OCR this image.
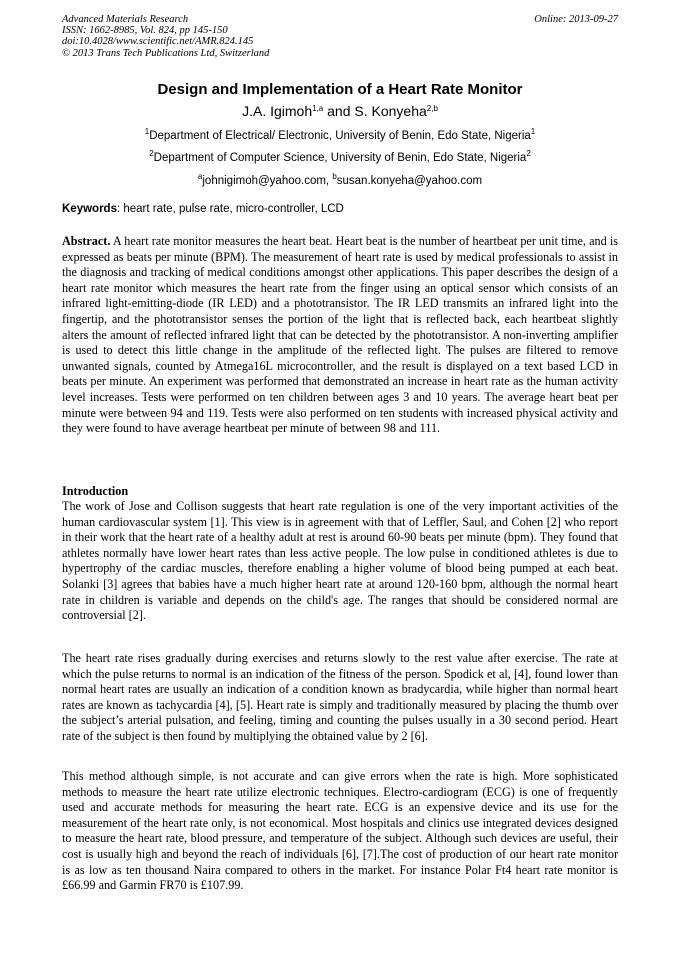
Advanced Materials Research
ISSN: 1662-8985, Vol. 824, pp 145-150
doi:10.4028/www.scientific.net/AMR.824.145
© 2013 Trans Tech Publications Ltd, Switzerland
Online: 2013-09-27
Design and Implementation of a Heart Rate Monitor
J.A. Igimoh$^{1,a}$ and S. Konyeha$^{2,b}$
$^1$Department of Electrical/ Electronic, University of Benin, Edo State, Nigeria$^1$
$^2$Department of Computer Science, University of Benin, Edo State, Nigeria$^2$
$^a$johnigimoh@yahoo.com, $^b$susan.konyeha@yahoo.com
Keywords: heart rate, pulse rate, micro-controller, LCD
Abstract. A heart rate monitor measures the heart beat. Heart beat is the number of heartbeat per unit time, and is expressed as beats per minute (BPM). The measurement of heart rate is used by medical professionals to assist in the diagnosis and tracking of medical conditions amongst other applications. This paper describes the design of a heart rate monitor which measures the heart rate from the finger using an optical sensor which consists of an infrared light-emitting-diode (IR LED) and a phototransistor. The IR LED transmits an infrared light into the fingertip, and the phototransistor senses the portion of the light that is reflected back, each heartbeat slightly alters the amount of reflected infrared light that can be detected by the phototransistor. A non-inverting amplifier is used to detect this little change in the amplitude of the reflected light. The pulses are filtered to remove unwanted signals, counted by Atmega16L microcontroller, and the result is displayed on a text based LCD in beats per minute. An experiment was performed that demonstrated an increase in heart rate as the human activity level increases. Tests were performed on ten children between ages 3 and 10 years. The average heart beat per minute were between 94 and 119. Tests were also performed on ten students with increased physical activity and they were found to have average heartbeat per minute of between 98 and 111.
Introduction
The work of Jose and Collison suggests that heart rate regulation is one of the very important activities of the human cardiovascular system [1]. This view is in agreement with that of Leffler, Saul, and Cohen [2] who report in their work that the heart rate of a healthy adult at rest is around 60-90 beats per minute (bpm). They found that athletes normally have lower heart rates than less active people. The low pulse in conditioned athletes is due to hypertrophy of the cardiac muscles, therefore enabling a higher volume of blood being pumped at each beat. Solanki [3] agrees that babies have a much higher heart rate at around 120-160 bpm, although the normal heart rate in children is variable and depends on the child's age. The ranges that should be considered normal are controversial [2].
The heart rate rises gradually during exercises and returns slowly to the rest value after exercise. The rate at which the pulse returns to normal is an indication of the fitness of the person. Spodick et al, [4], found lower than normal heart rates are usually an indication of a condition known as bradycardia, while higher than normal heart rates are known as tachycardia [4], [5]. Heart rate is simply and traditionally measured by placing the thumb over the subject’s arterial pulsation, and feeling, timing and counting the pulses usually in a 30 second period. Heart rate of the subject is then found by multiplying the obtained value by 2 [6].
This method although simple, is not accurate and can give errors when the rate is high. More sophisticated methods to measure the heart rate utilize electronic techniques. Electro-cardiogram (ECG) is one of frequently used and accurate methods for measuring the heart rate. ECG is an expensive device and its use for the measurement of the heart rate only, is not economical. Most hospitals and clinics use integrated devices designed to measure the heart rate, blood pressure, and temperature of the subject. Although such devices are useful, their cost is usually high and beyond the reach of individuals [6], [7].The cost of production of our heart rate monitor is as low as ten thousand Naira compared to others in the market. For instance Polar Ft4 heart rate monitor is £66.99 and Garmin FR70 is £107.99.
